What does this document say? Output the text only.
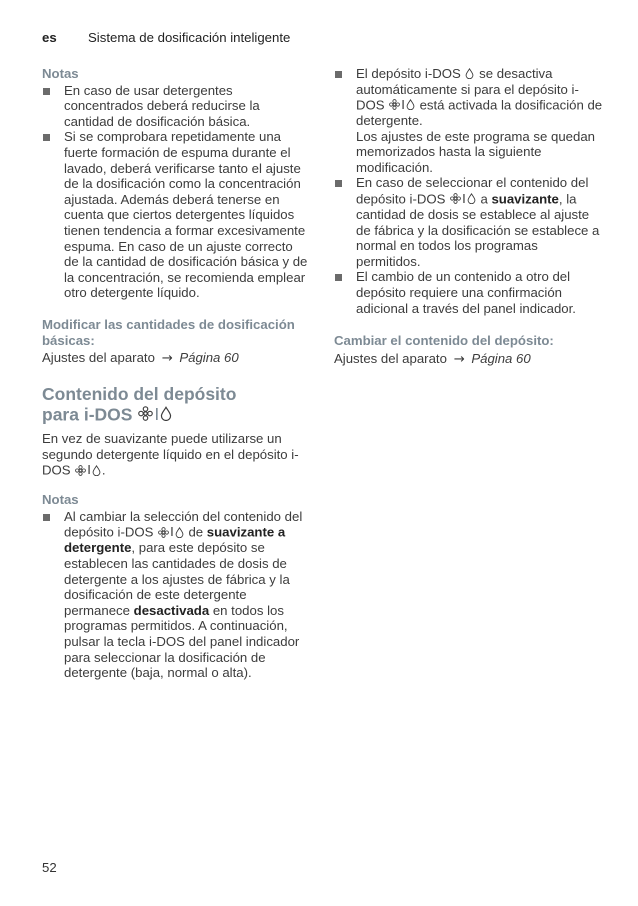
es	Sistema de dosificación inteligente
Notas
En caso de usar detergentes concentrados deberá reducirse la cantidad de dosificación básica.
Si se comprobara repetidamente una fuerte formación de espuma durante el lavado, deberá verificarse tanto el ajuste de la dosificación como la concentración ajustada. Además deberá tenerse en cuenta que ciertos detergentes líquidos tienen tendencia a formar excesivamente espuma. En caso de un ajuste correcto de la cantidad de dosificación básica y de la concentración, se recomienda emplear otro detergente líquido.
Modificar las cantidades de dosificación básicas:
Ajustes del aparato → Página 60
Contenido del depósito
para i-DOS I

En vez de suavizante puede utilizarse un segundo detergente líquido en el depósito i-DOS I .

Notas
Al cambiar la selección del contenido del depósito i-DOS I de suavizante a detergente, para este depósito se establecen las cantidades de dosis de detergente a los ajustes de fábrica y la dosificación de este detergente permanece desactivada en todos los programas permitidos. A continuación, pulsar la tecla i-DOS del panel indicador para seleccionar la dosificación de detergente (baja, normal o alta).
El depósito i-DOS se desactiva automáticamente si para el depósito i-DOS I está activada la dosificación de detergente.
Los ajustes de este programa se quedan memorizados hasta la siguiente modificación.
En caso de seleccionar el contenido del depósito i-DOS I a suavizante, la cantidad de dosis se establece al ajuste de fábrica y la dosificación se establece a normal en todos los programas permitidos.
El cambio de un contenido a otro del depósito requiere una confirmación adicional a través del panel indicador.
Cambiar el contenido del depósito:
Ajustes del aparato → Página 60
52
